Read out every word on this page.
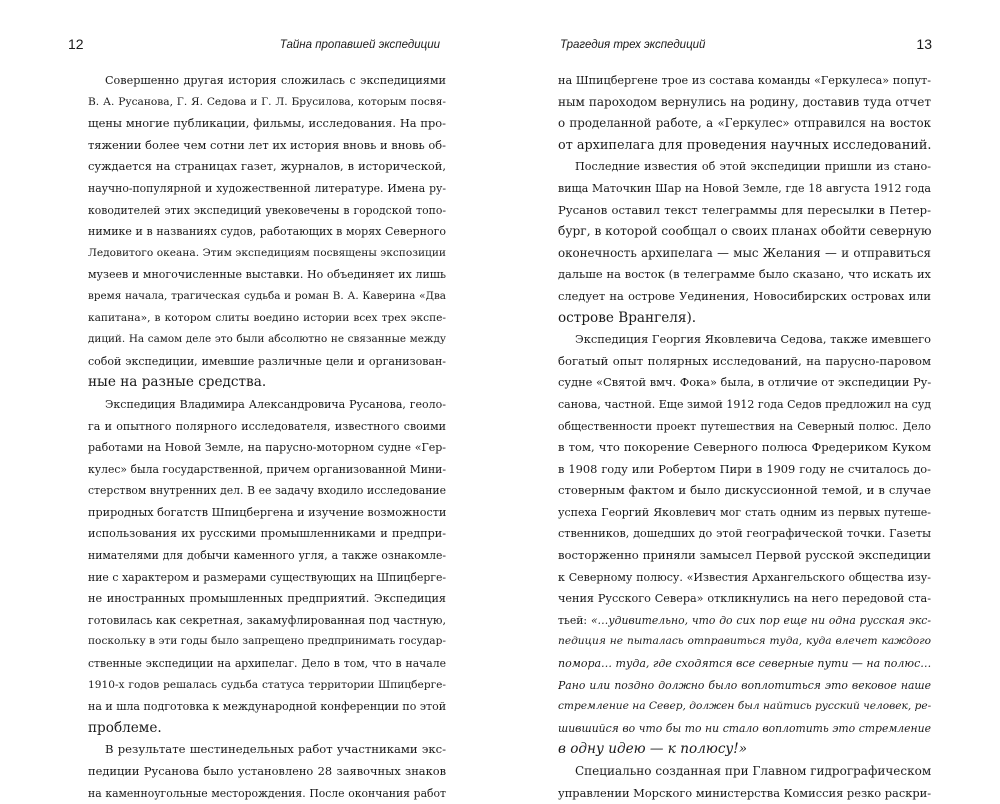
12	Тайна пропавшей экспедиции
Совершенно другая история сложилась с экспедициями
В. А. Русанова, Г. Я. Седова и Г. Л. Брусилова, которым посвя-
щены многие публикации, фильмы, исследования. На про-
тяжении более чем сотни лет их история вновь и вновь об-
суждается на страницах газет, журналов, в исторической,
научно-популярной и художественной литературе. Имена ру-
ководителей этих экспедиций увековечены в городской топо-
нимике и в названиях судов, работающих в морях Северного
Ледовитого океана. Этим экспедициям посвящены экспозиции
музеев и многочисленные выставки. Но объединяет их лишь
время начала, трагическая судьба и роман В. А. Каверина «Два
капитана», в котором слиты воедино истории всех трех экспе-
диций. На самом деле это были абсолютно не связанные между
собой экспедиции, имевшие различные цели и организован-
ные на разные средства.
Экспедиция Владимира Александровича Русанова, геоло-
га и опытного полярного исследователя, известного своими
работами на Новой Земле, на парусно-моторном судне «Гер-
кулес» была государственной, причем организованной Мини-
стерством внутренних дел. В ее задачу входило исследование
природных богатств Шпицбергена и изучение возможности
использования их русскими промышленниками и предпри-
нимателями для добычи каменного угля, а также ознакомле-
ние с характером и размерами существующих на Шпицберге-
не иностранных промышленных предприятий. Экспедиция
готовилась как секретная, закамуфлированная под частную,
поскольку в эти годы было запрещено предпринимать государ-
ственные экспедиции на архипелаг. Дело в том, что в начале
1910-х годов решалась судьба статуса территории Шпицберге-
на и шла подготовка к международной конференции по этой
проблеме.
В результате шестинедельных работ участниками экс-
педиции Русанова было установлено 28 заявочных знаков
на каменноугольные месторождения. После окончания работ
Трагедия трех экспедиций	13
на Шпицбергене трое из состава команды «Геркулеса» попут-
ным пароходом вернулись на родину, доставив туда отчет
о проделанной работе, а «Геркулес» отправился на восток
от архипелага для проведения научных исследований.
Последние известия об этой экспедиции пришли из стано-
вища Маточкин Шар на Новой Земле, где 18 августа 1912 года
Русанов оставил текст телеграммы для пересылки в Петер-
бург, в которой сообщал о своих планах обойти северную
оконечность архипелага — мыс Желания — и отправиться
дальше на восток (в телеграмме было сказано, что искать их
следует на острове Уединения, Новосибирских островах или
острове Врангеля).
Экспедиция Георгия Яковлевича Седова, также имевшего
богатый опыт полярных исследований, на парусно-паровом
судне «Святой вмч. Фока» была, в отличие от экспедиции Ру-
санова, частной. Еще зимой 1912 года Седов предложил на суд
общественности проект путешествия на Северный полюс. Дело
в том, что покорение Северного полюса Фредериком Куком
в 1908 году или Робертом Пири в 1909 году не считалось до-
стоверным фактом и было дискуссионной темой, и в случае
успеха Георгий Яковлевич мог стать одним из первых путеше-
ственников, дошедших до этой географической точки. Газеты
восторженно приняли замысел Первой русской экспедиции
к Северному полюсу. «Известия Архангельского общества изу-
чения Русского Севера» откликнулись на него передовой ста-
тьей: «…удивительно, что до сих пор еще ни одна русская экс-
педиция не пыталась отправиться туда, куда влечет каждого
помора… туда, где сходятся все северные пути — на полюс…
Рано или поздно должно было воплотиться это вековое наше
стремление на Север, должен был найтись русский человек, ре-
шившийся во что бы то ни стало воплотить это стремление
в одну идею — к полюсу!»
Специально созданная при Главном гидрографическом
управлении Морского министерства Комиссия резко раскри-
